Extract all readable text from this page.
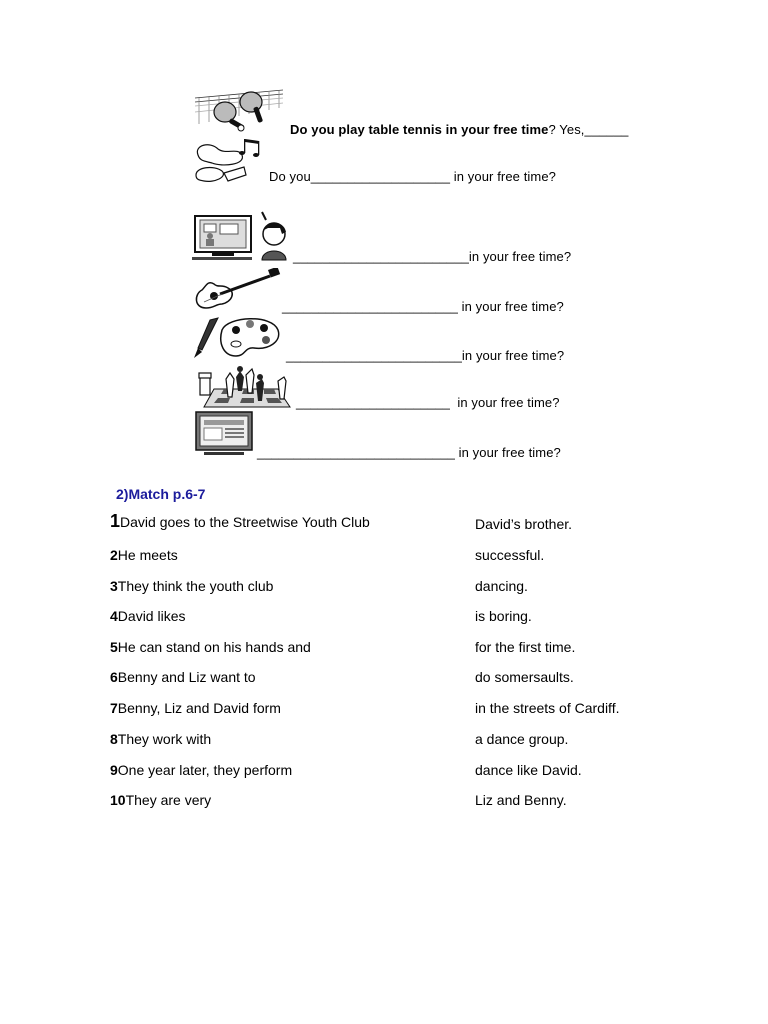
Do you play table tennis in your free time? Yes,______
Do you___________________ in your free time?
________________________in your free time?
________________________ in your free time?
________________________in your free time?
_____________________  in your free time?
___________________________ in your free time?
2)Match p.6-7
1David goes to the Streetwise Youth Club	David’s brother.
2He meets	successful.
3They think the youth club	dancing.
4David likes	is boring.
5He can stand on his hands and	for the first time.
6Benny and Liz want to	do somersaults.
7Benny, Liz and David form	in the streets of Cardiff.
8They work with	a dance group.
9One year later, they perform	dance like David.
10They are very	Liz and Benny.
